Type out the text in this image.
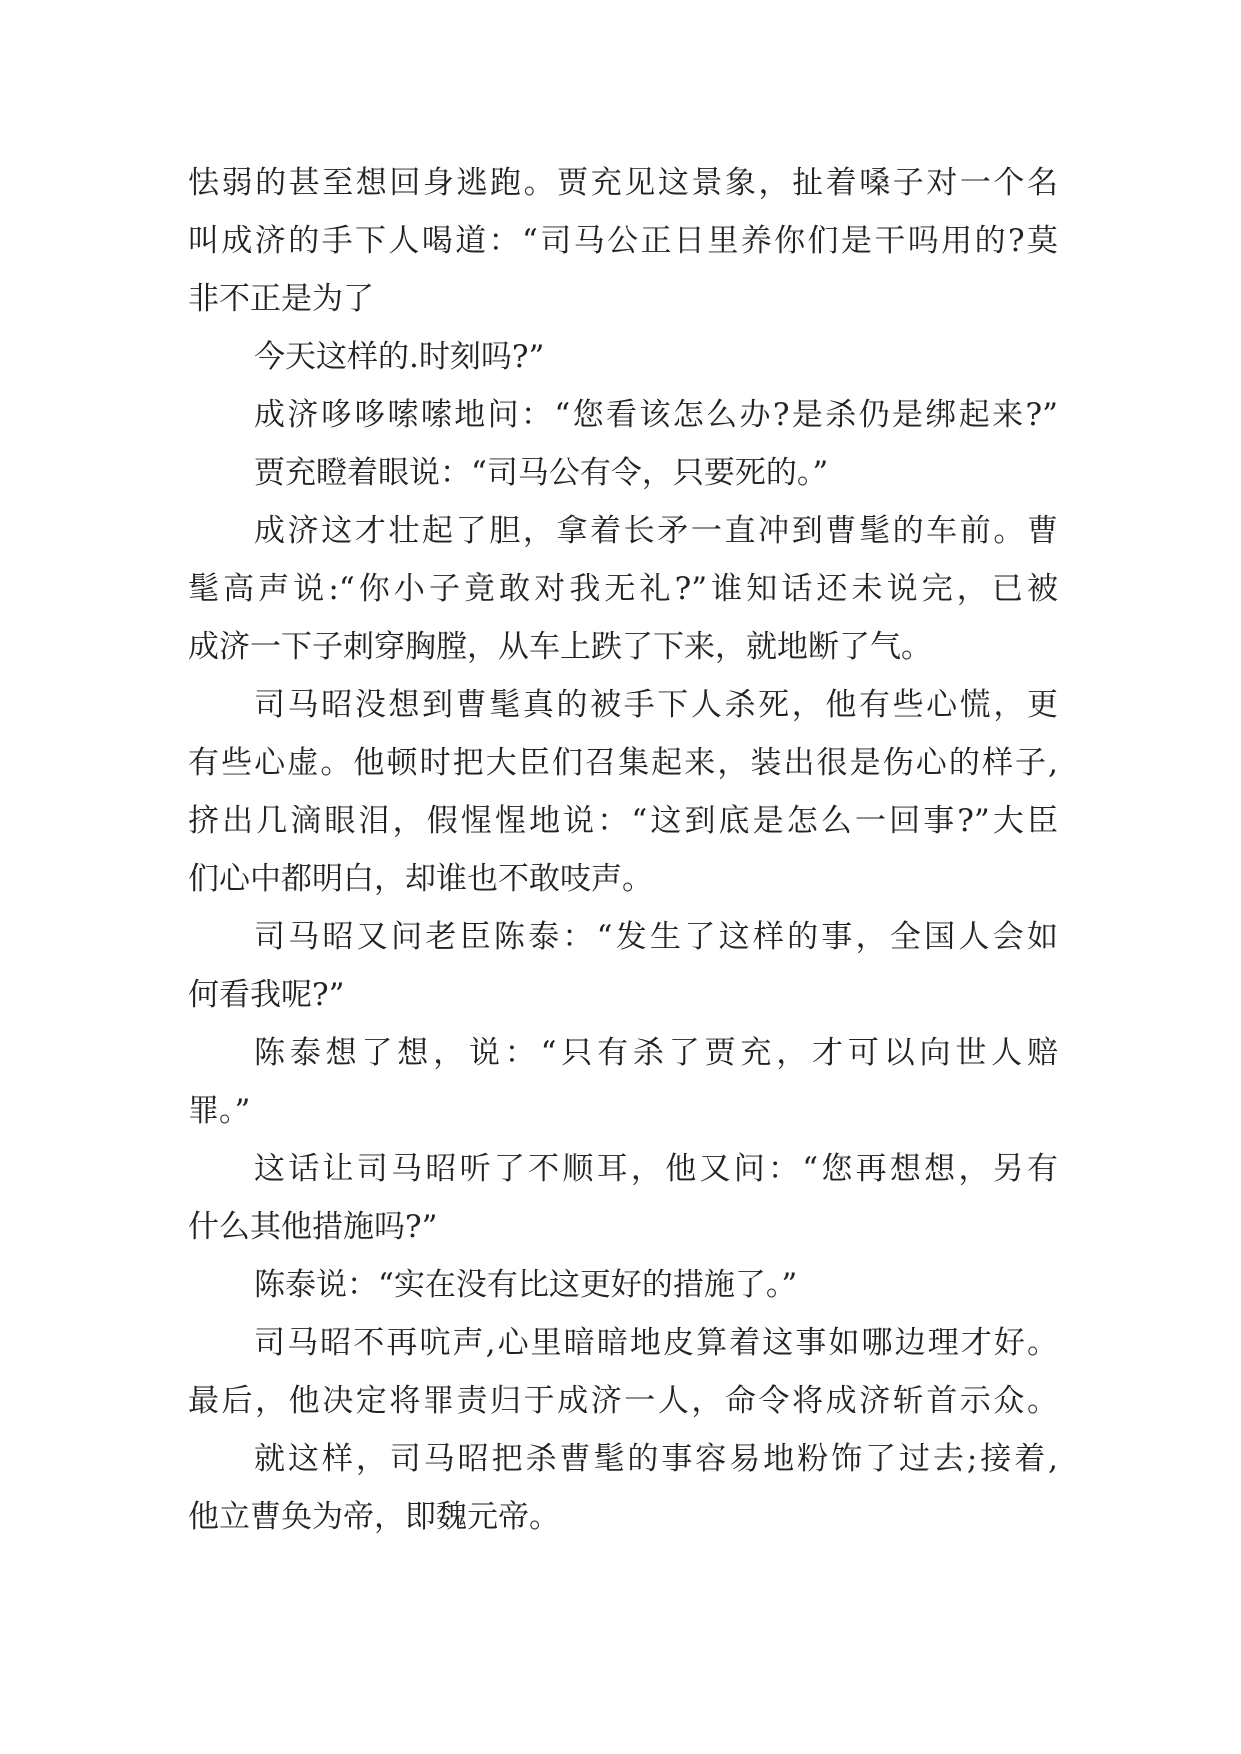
怯弱的甚至想回身逃跑。贾充见这景象，扯着嗓子对一个名
叫成济的手下人喝道：“司马公正日里养你们是干吗用的?莫
非不正是为了
今天这样的.时刻吗?”
成济哆哆嗦嗦地问：“您看该怎么办?是杀仍是绑起来?”
贾充瞪着眼说：“司马公有令，只要死的。”
成济这才壮起了胆，拿着长矛一直冲到曹髦的车前。曹
髦高声说:“你小子竟敢对我无礼?”谁知话还未说完，已被
成济一下子刺穿胸膛，从车上跌了下来，就地断了气。
司马昭没想到曹髦真的被手下人杀死，他有些心慌，更
有些心虚。他顿时把大臣们召集起来，装出很是伤心的样子,
挤出几滴眼泪，假惺惺地说：“这到底是怎么一回事?”大臣
们心中都明白，却谁也不敢吱声。
司马昭又问老臣陈泰：“发生了这样的事，全国人会如
何看我呢?”
陈泰想了想，说：“只有杀了贾充，才可以向世人赔
罪。”
这话让司马昭听了不顺耳，他又问：“您再想想，另有
什么其他措施吗?”
陈泰说：“实在没有比这更好的措施了。”
司马昭不再吭声,心里暗暗地皮算着这事如哪边理才好。
最后，他决定将罪责归于成济一人，命令将成济斩首示众。
就这样，司马昭把杀曹髦的事容易地粉饰了过去;接着,
他立曹奂为帝，即魏元帝。
